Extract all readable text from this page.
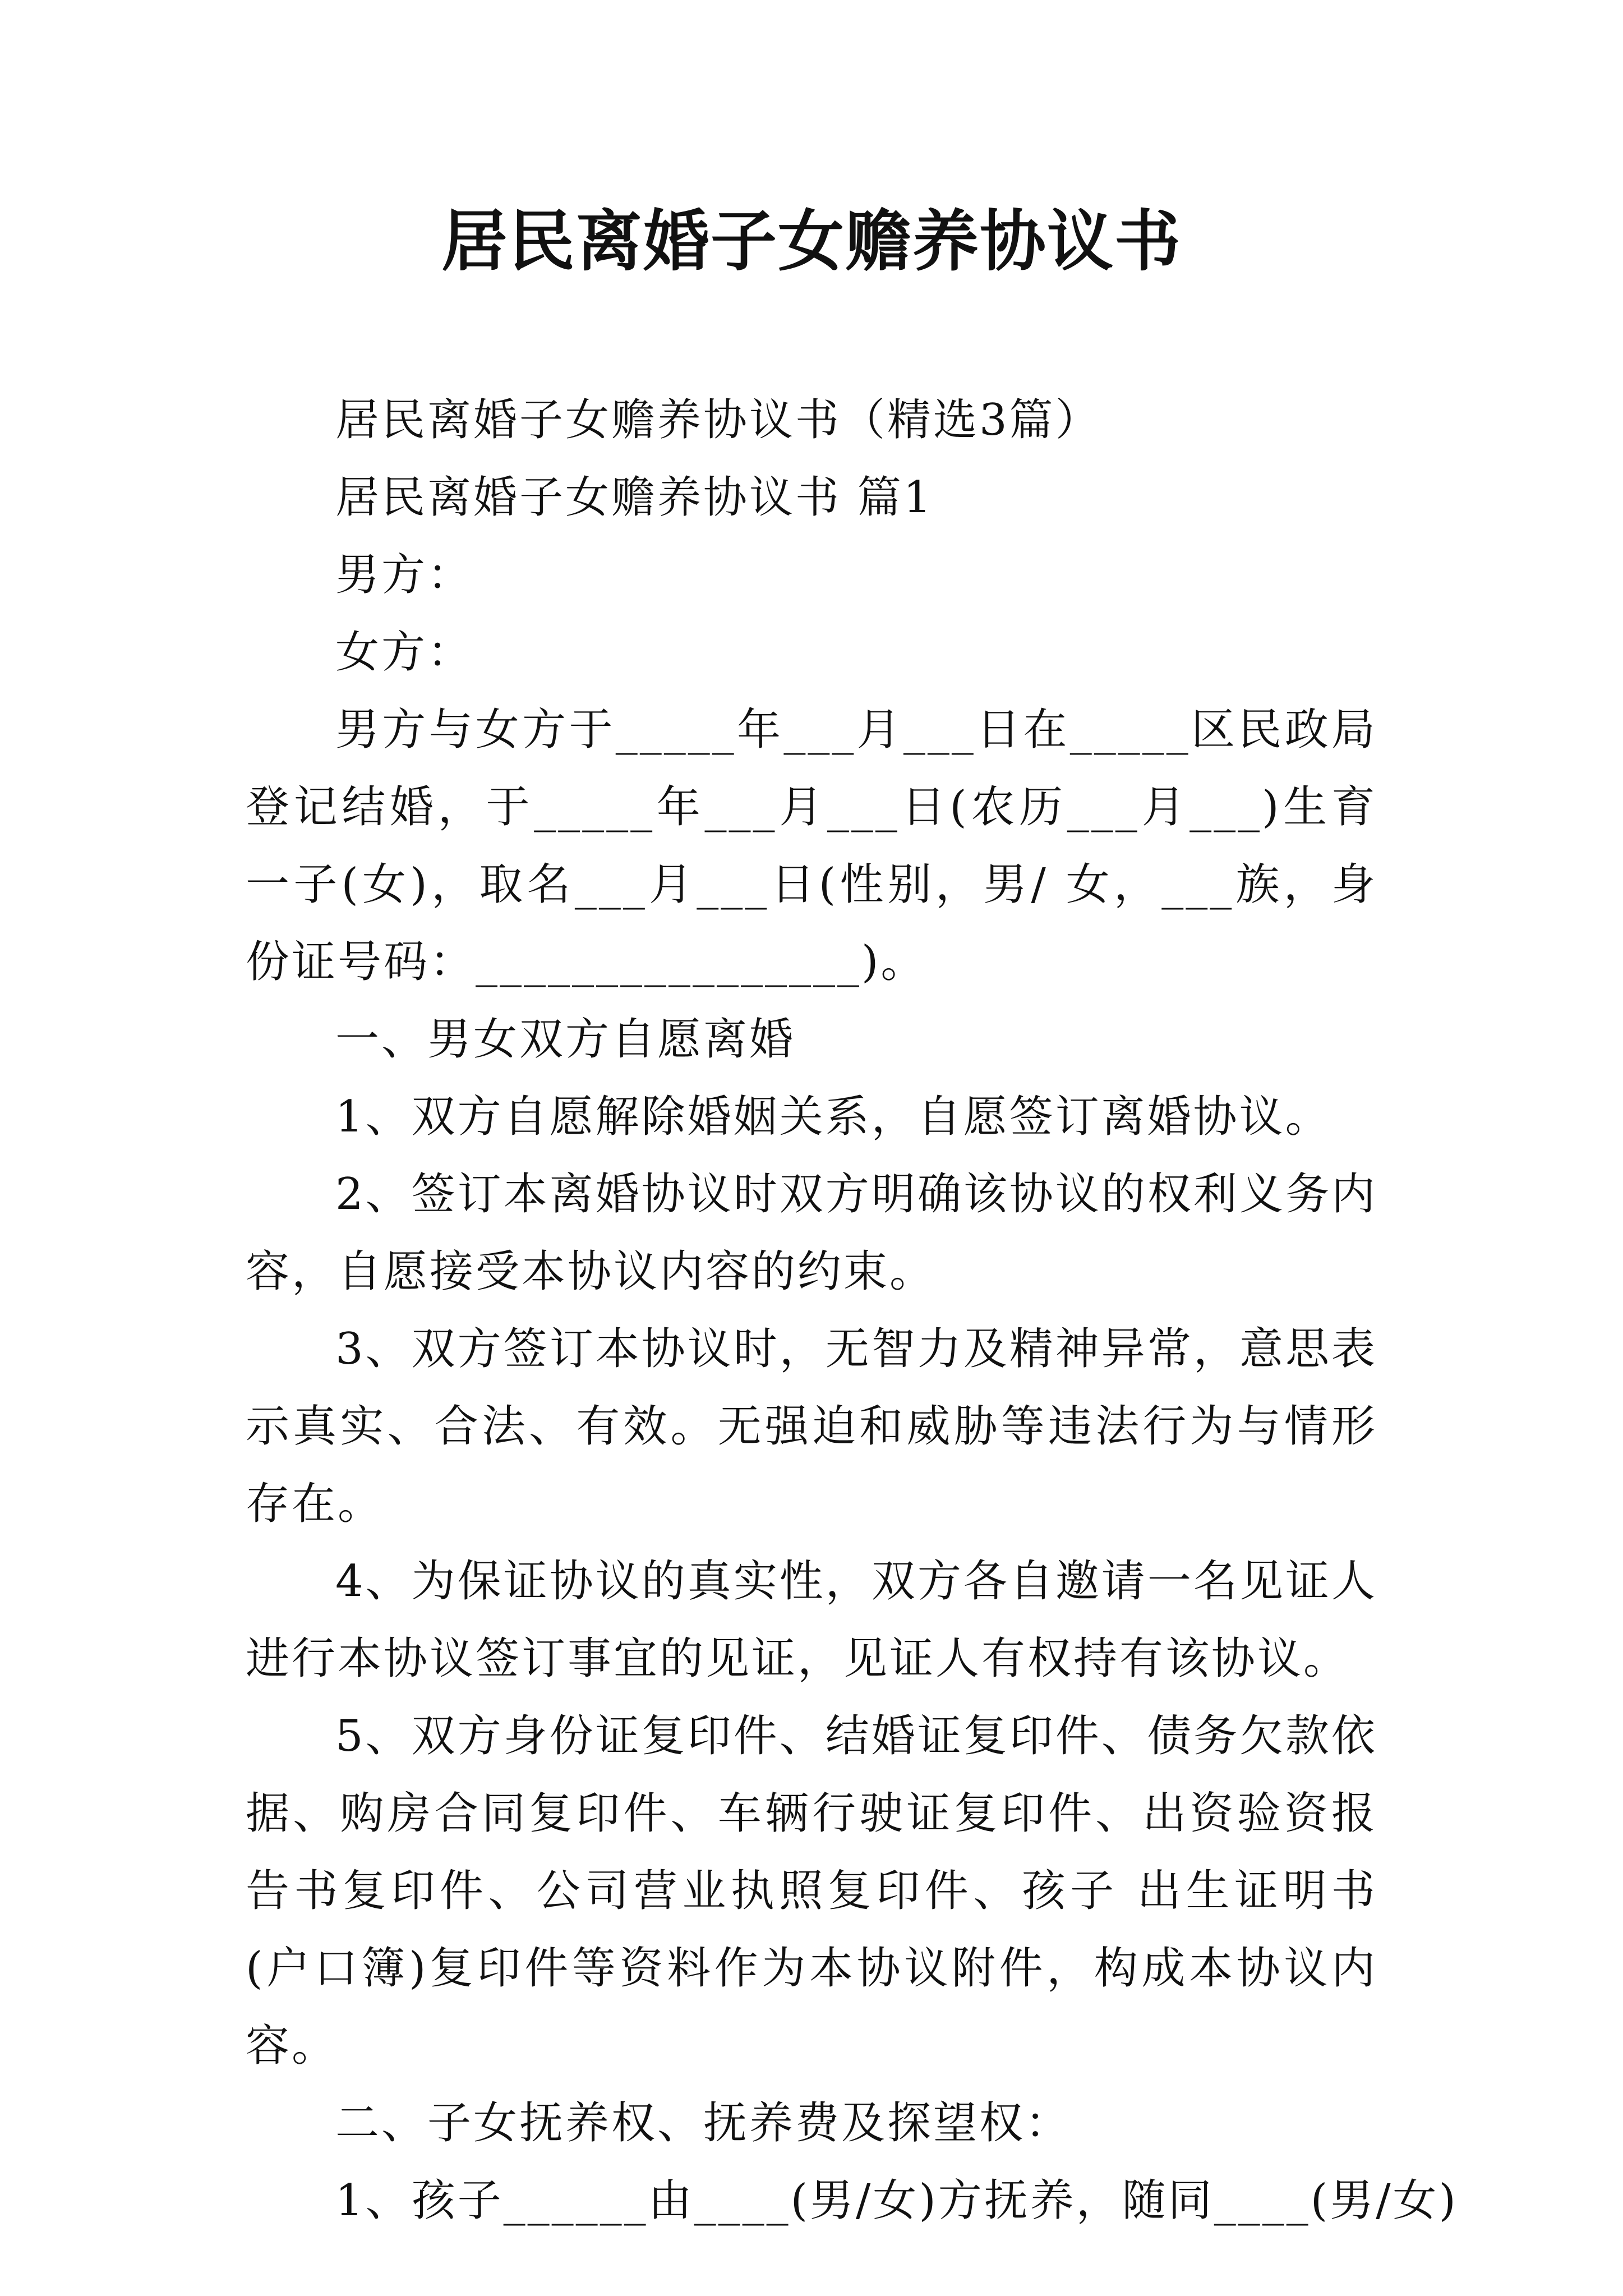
居民离婚子女赡养协议书

居民离婚子女赡养协议书（精选3篇）

居民离婚子女赡养协议书 篇1

男方：

女方：

男方与女方于_____年___月___日在_____区民政局登记结婚，于_____年___月___日(农历___月___)生育一子(女)，取名___月___日(性别，男/ 女，___族，身份证号码：________________)。

一、男女双方自愿离婚

1、双方自愿解除婚姻关系，自愿签订离婚协议。

2、签订本离婚协议时双方明确该协议的权利义务内容，自愿接受本协议内容的约束。

3、双方签订本协议时，无智力及精神异常，意思表示真实、合法、有效。无强迫和威胁等违法行为与情形存在。

4、为保证协议的真实性，双方各自邀请一名见证人进行本协议签订事宜的见证，见证人有权持有该协议。

5、双方身份证复印件、结婚证复印件、债务欠款依据、购房合同复印件、车辆行驶证复印件、出资验资报告书复印件、公司营业执照复印件、孩子 出生证明书(户口簿)复印件等资料作为本协议附件，构成本协议内容。

二、子女抚养权、抚养费及探望权：

1、孩子______由____(男/女)方抚养，随同____(男/女)
